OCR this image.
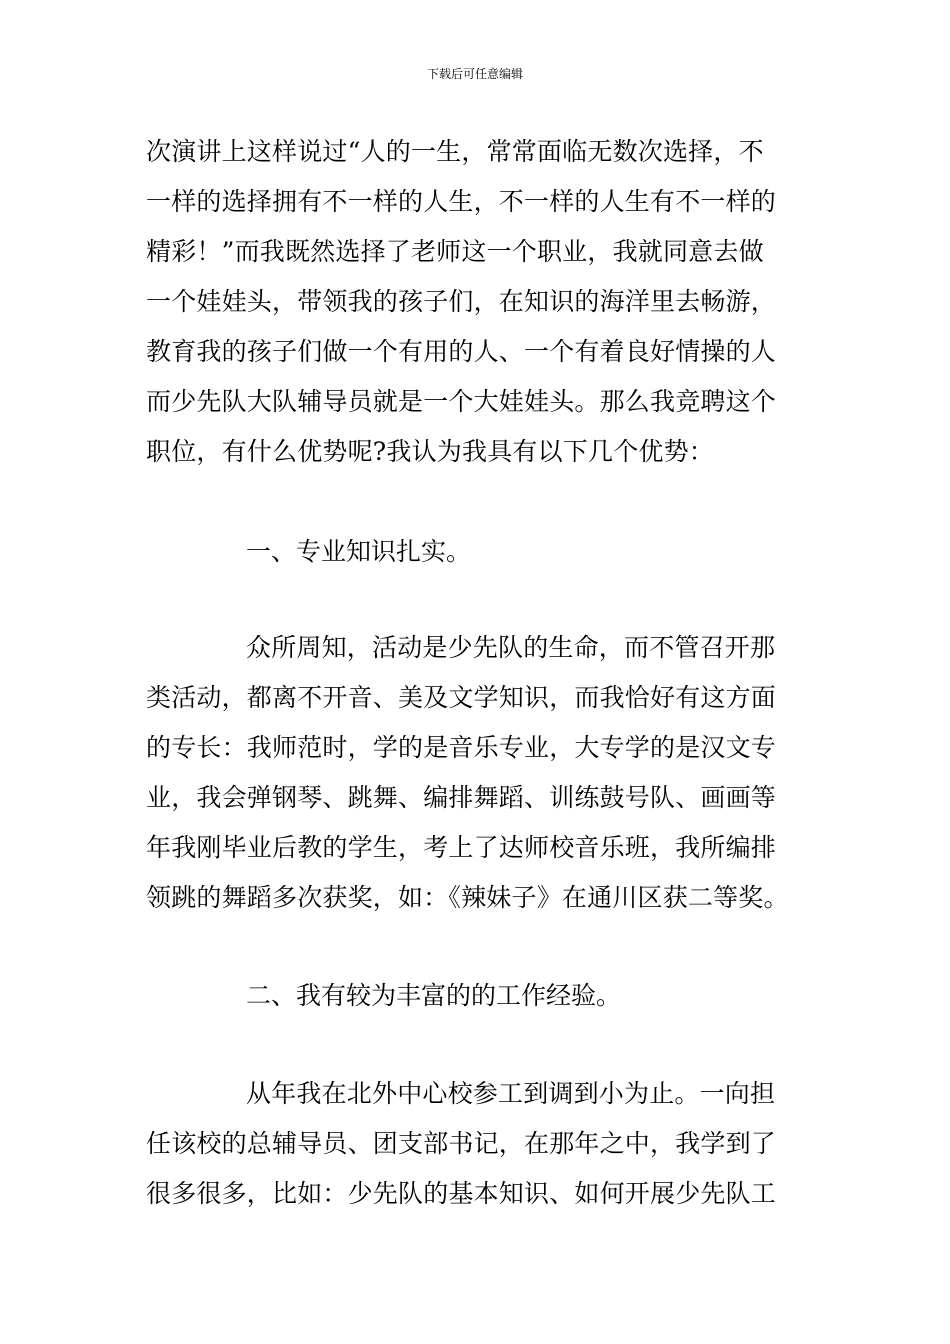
下载后可任意编辑
次演讲上这样说过“人的一生，常常面临无数次选择，不
一样的选择拥有不一样的人生，不一样的人生有不一样的
精彩！”而我既然选择了老师这一个职业，我就同意去做
一个娃娃头，带领我的孩子们，在知识的海洋里去畅游，
教育我的孩子们做一个有用的人、一个有着良好情操的人
而少先队大队辅导员就是一个大娃娃头。那么我竞聘这个
职位，有什么优势呢?我认为我具有以下几个优势：
一、专业知识扎实。
众所周知，活动是少先队的生命，而不管召开那
类活动，都离不开音、美及文学知识，而我恰好有这方面
的专长：我师范时，学的是音乐专业，大专学的是汉文专
业，我会弹钢琴、跳舞、编排舞蹈、训练鼓号队、画画等
年我刚毕业后教的学生，考上了达师校音乐班，我所编排
领跳的舞蹈多次获奖，如：《辣妹子》在通川区获二等奖。
二、我有较为丰富的的工作经验。
从年我在北外中心校参工到调到小为止。一向担
任该校的总辅导员、团支部书记，在那年之中，我学到了
很多很多，比如：少先队的基本知识、如何开展少先队工
